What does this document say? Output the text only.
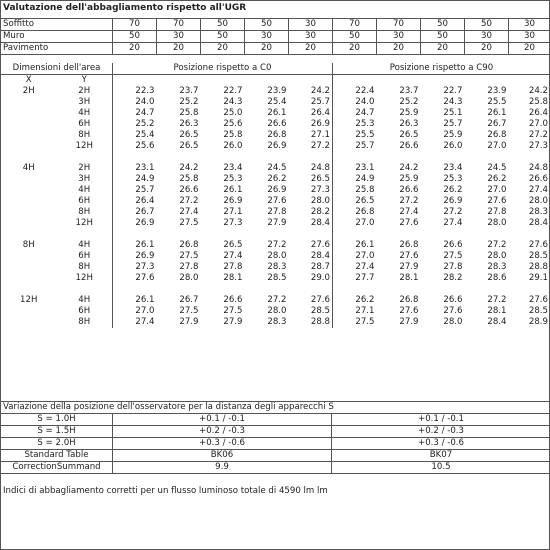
Valutazione dell'abbagliamento rispetto all'UGR
Soffitto	70	70	50	50	30	70	70	50	50	30
Muro	50	30	50	30	30	50	30	50	30	30
Pavimento	20	20	20	20	20	20	20	20	20	20
Dimensioni dell'area		Posizione rispetto a C0					Posizione rispetto a C90				
X	Y										
2H	2H	22.3	23.7	22.7	23.9	24.2	22.4	23.7	22.7	23.9	24.2
	3H	24.0	25.2	24.3	25.4	25.7	24.0	25.2	24.3	25.5	25.8
	4H	24.7	25.8	25.0	26.1	26.4	24.7	25.9	25.1	26.1	26.4
	6H	25.2	26.3	25.6	26.6	26.9	25.3	26.3	25.7	26.7	27.0
	8H	25.4	26.5	25.8	26.8	27.1	25.5	26.5	25.9	26.8	27.2
	12H	25.6	26.5	26.0	26.9	27.2	25.7	26.6	26.0	27.0	27.3

4H	2H	23.1	24.2	23.4	24.5	24.8	23.1	24.2	23.4	24.5	24.8
	3H	24.9	25.8	25.3	26.2	26.5	24.9	25.9	25.3	26.2	26.6
	4H	25.7	26.6	26.1	26.9	27.3	25.8	26.6	26.2	27.0	27.4
	6H	26.4	27.2	26.9	27.6	28.0	26.5	27.2	26.9	27.6	28.0
	8H	26.7	27.4	27.1	27.8	28.2	26.8	27.4	27.2	27.8	28.3
	12H	26.9	27.5	27.3	27.9	28.4	27.0	27.6	27.4	28.0	28.4

8H	4H	26.1	26.8	26.5	27.2	27.6	26.1	26.8	26.6	27.2	27.6
	6H	26.9	27.5	27.4	28.0	28.4	27.0	27.6	27.5	28.0	28.5
	8H	27.3	27.8	27.8	28.3	28.7	27.4	27.9	27.8	28.3	28.8
	12H	27.6	28.0	28.1	28.5	29.0	27.7	28.1	28.2	28.6	29.1

12H	4H	26.1	26.7	26.6	27.2	27.6	26.2	26.8	26.6	27.2	27.6
	6H	27.0	27.5	27.5	28.0	28.5	27.1	27.6	27.6	28.1	28.5
	8H	27.4	27.9	27.9	28.3	28.8	27.5	27.9	28.0	28.4	28.9
Variazione della posizione dell'osservatore per la distanza degli apparecchi S		
S = 1.0H	+0.1 / -0.1	+0.1 / -0.1
S = 1.5H	+0.2 / -0.3	+0.2 / -0.3
S = 2.0H	+0.3 / -0.6	+0.3 / -0.6
Standard Table	BK06	BK07
CorrectionSummand	9.9	10.5
Indici di abbagliamento corretti per un flusso luminoso totale di 4590 lm lm
